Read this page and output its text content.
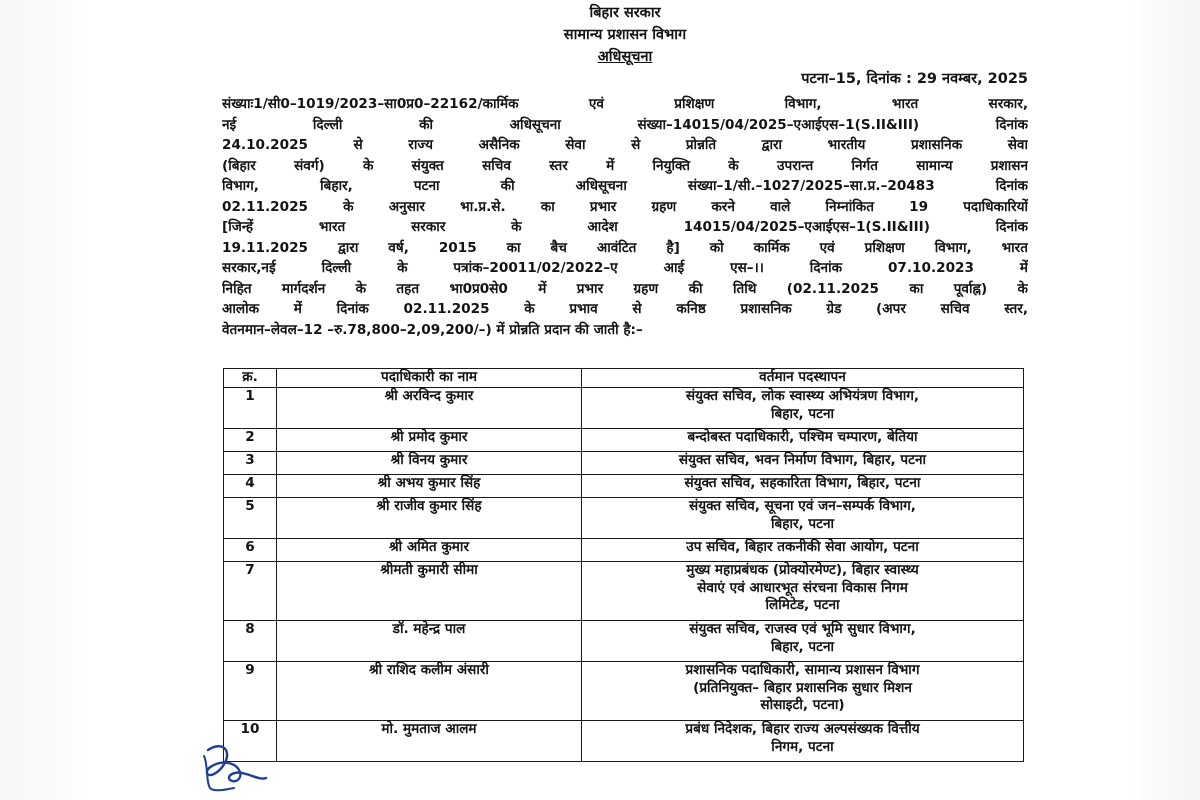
बिहार सरकार
सामान्य प्रशासन विभाग
अधिसूचना
पटना–15, दिनांक : 29 नवम्बर, 2025
संख्याः1/सी0–1019/2023–सा0प्र0–22162/कार्मिक एवं प्रशिक्षण विभाग, भारत सरकार,
नई दिल्ली की अधिसूचना संख्या–14015/04/2025–एआईएस–1(S.II&III) दिनांक
24.10.2025 से राज्य असैनिक सेवा से प्रोन्नति द्वारा भारतीय प्रशासनिक सेवा
(बिहार संवर्ग) के संयुक्त सचिव स्तर में नियुक्ति के उपरान्त निर्गत सामान्य प्रशासन
विभाग, बिहार, पटना की अधिसूचना संख्या–1/सी.–1027/2025–सा.प्र.–20483 दिनांक
02.11.2025 के अनुसार भा.प्र.से. का प्रभार ग्रहण करने वाले निम्नांकित 19 पदाधिकारियों
[जिन्हें भारत सरकार के आदेश 14015/04/2025–एआईएस–1(S.II&III) दिनांक
19.11.2025 द्वारा वर्ष, 2015 का बैच आवंटित है] को कार्मिक एवं प्रशिक्षण विभाग, भारत
सरकार,नई दिल्ली के पत्रांक–20011/02/2022–ए आई एस–।। दिनांक 07.10.2023 में
निहित मार्गदर्शन के तहत भा0प्र0से0 में प्रभार ग्रहण की तिथि (02.11.2025 का पूर्वाह्न) के
आलोक में दिनांक 02.11.2025 के प्रभाव से कनिष्ठ प्रशासनिक ग्रेड (अपर सचिव स्तर,
वेतनमान–लेवल–12 –रु.78,800–2,09,200/–) में प्रोन्नति प्रदान की जाती है:–
क्र.	पदाधिकारी का नाम	वर्तमान पदस्थापन
1	श्री अरविन्द कुमार	संयुक्त सचिव, लोक स्वास्थ्य अभियंत्रण विभाग,
बिहार, पटना

2	श्री प्रमोद कुमार	बन्दोबस्त पदाधिकारी, पश्चिम चम्पारण, बेतिया

3	श्री विनय कुमार	संयुक्त सचिव, भवन निर्माण विभाग, बिहार, पटना

4	श्री अभय कुमार सिंह	संयुक्त सचिव, सहकारिता विभाग, बिहार, पटना

5	श्री राजीव कुमार सिंह	संयुक्त सचिव, सूचना एवं जन–सम्पर्क विभाग,
बिहार, पटना

6	श्री अमित कुमार	उप सचिव, बिहार तकनीकी सेवा आयोग, पटना

7	श्रीमती कुमारी सीमा	मुख्य महाप्रबंधक (प्रोक्योरमेण्ट), बिहार स्वास्थ्य
सेवाएं एवं आधारभूत संरचना विकास निगम
लिमिटेड, पटना

8	डॉ. महेन्द्र पाल	संयुक्त सचिव, राजस्व एवं भूमि सुधार विभाग,
बिहार, पटना

9	श्री राशिद कलीम अंसारी	प्रशासनिक पदाधिकारी, सामान्य प्रशासन विभाग
(प्रतिनियुक्त– बिहार प्रशासनिक सुधार मिशन
सोसाइटी, पटना)

10	मो. मुमताज आलम	प्रबंध निदेशक, बिहार राज्य अल्पसंख्यक वित्तीय
निगम, पटना
